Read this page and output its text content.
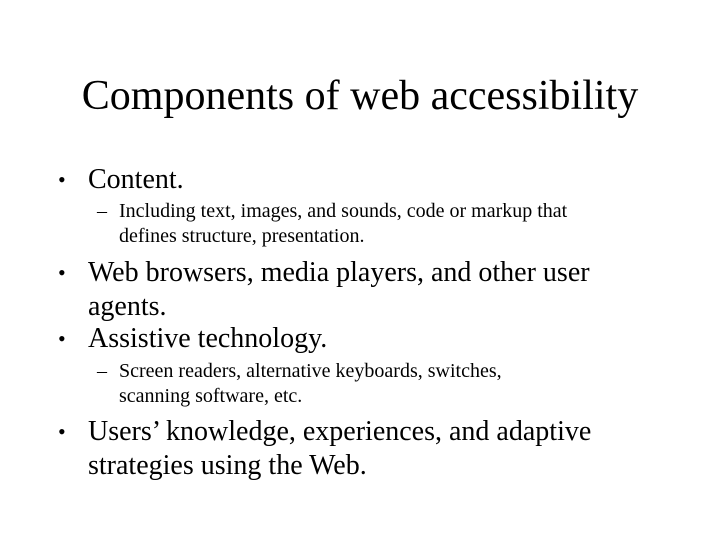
Components of web accessibility
• Content.
– Including text, images, and sounds, code or markup that
defines structure, presentation.
• Web browsers, media players, and other user
agents.
• Assistive technology.
– Screen readers, alternative keyboards, switches,
scanning software, etc.
• Users’ knowledge, experiences, and adaptive
strategies using the Web.
